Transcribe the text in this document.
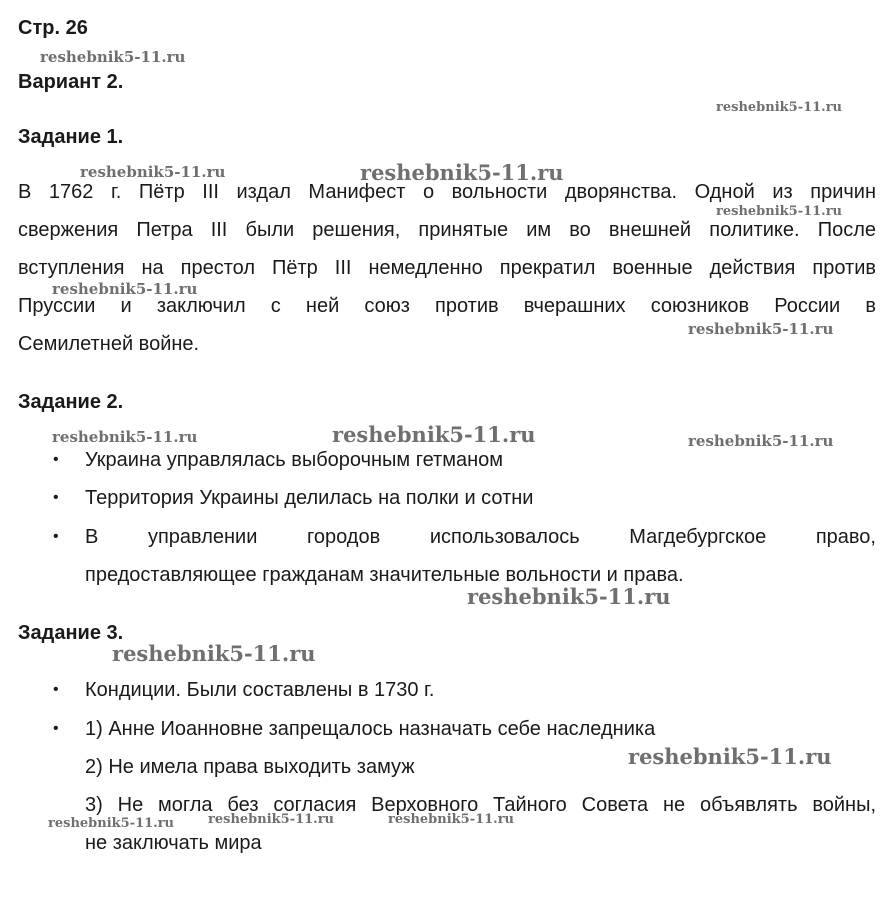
Стр. 26
Вариант 2.
Задание 1.
В 1762 г. Пётр III издал Манифест о вольности дворянства. Одной из причин
свержения Петра III были решения, принятые им во внешней политике. После
вступления на престол Пётр III немедленно прекратил военные действия против
Пруссии и заключил с ней союз против вчерашних союзников России в
Семилетней войне.
Задание 2.
• Украина управлялась выборочным гетманом
• Территория Украины делилась на полки и сотни
• В управлении городов использовалось Магдебургское право,
предоставляющее гражданам значительные вольности и права.
Задание 3.
• Кондиции. Были составлены в 1730 г.
• 1) Анне Иоанновне запрещалось назначать себе наследника
2) Не имела права выходить замуж
3) Не могла без согласия Верховного Тайного Совета не объявлять войны,
не заключать мира
reshebnik5-11.ru
reshebnik5-11.ru
reshebnik5-11.ru	reshebnik5-11.ru
reshebnik5-11.ru
reshebnik5-11.ru
reshebnik5-11.ru
reshebnik5-11.ru	reshebnik5-11.ru	reshebnik5-11.ru
reshebnik5-11.ru
reshebnik5-11.ru
reshebnik5-11.ru
reshebnik5-11.ru	reshebnik5-11.ru	reshebnik5-11.ru
